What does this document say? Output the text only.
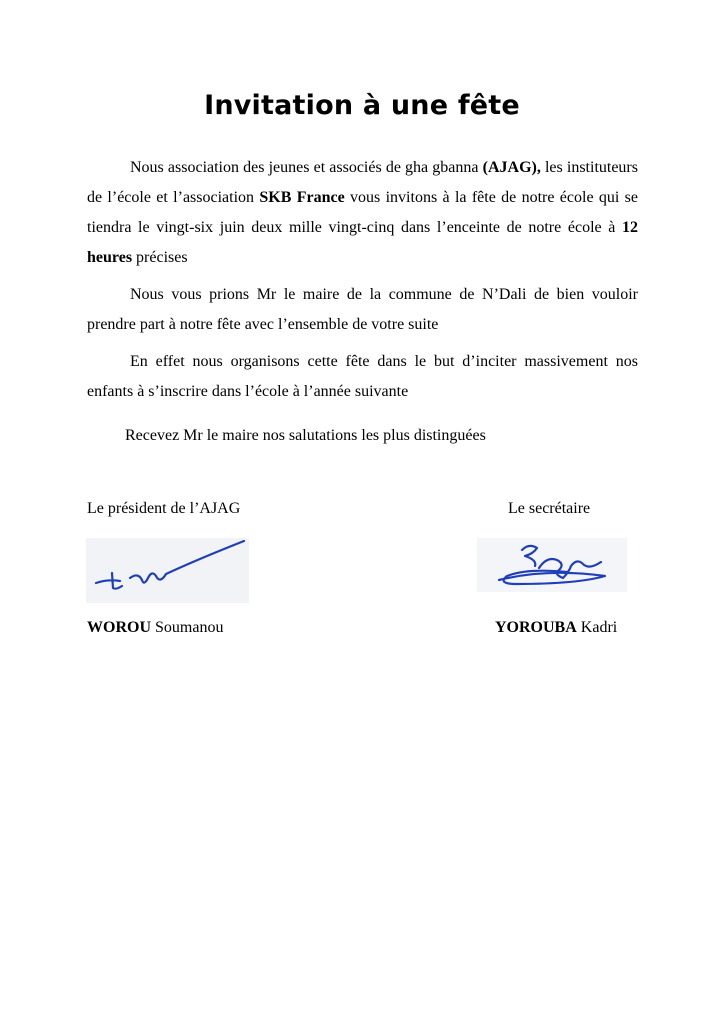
Invitation à une fête
Nous association des jeunes et associés de gha gbanna (AJAG), les instituteurs de l’école et l’association SKB France vous invitons à la fête de notre école qui se tiendra le vingt-six juin deux mille vingt-cinq dans l’enceinte de notre école à 12 heures précises
Nous vous prions Mr le maire de la commune de N’Dali de bien vouloir prendre part à notre fête avec l’ensemble de votre suite
En effet nous organisons cette fête dans le but d’inciter massivement nos enfants à s’inscrire dans l’école à l’année suivante
Recevez Mr le maire nos salutations les plus distinguées
Le président de l’AJAG	Le secrétaire
WOROU Soumanou	YOROUBA Kadri
